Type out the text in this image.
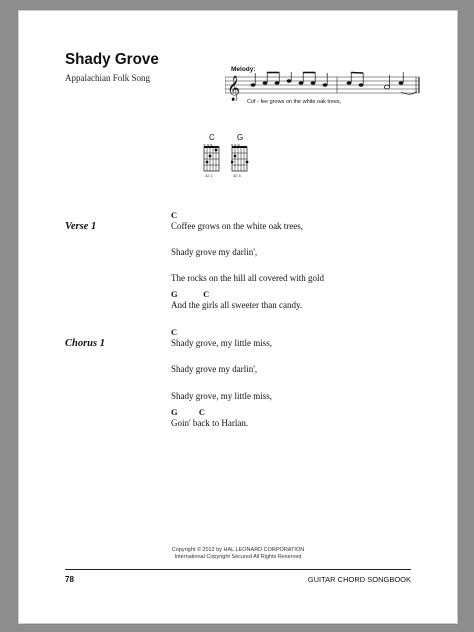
Shady Grove
Appalachian Folk Song
Melody:
𝄞
Cof - fee grows on the white oak trees,
C
× o o
32 1
G
o o o
32 4
Verse 1
C
Coffee grows on the white oak trees,
Shady grove my darlin',
The rocks on the hill all covered with gold
G            C
And the girls all sweeter than candy.
Chorus 1
C
Shady grove, my little miss,
Shady grove my darlin',
Shady grove, my little miss,
G          C
Goin' back to Harlan.
Copyright © 2012 by HAL LEONARD CORPORATION
International Copyright Secured All Rights Reserved
78	GUITAR CHORD SONGBOOK
